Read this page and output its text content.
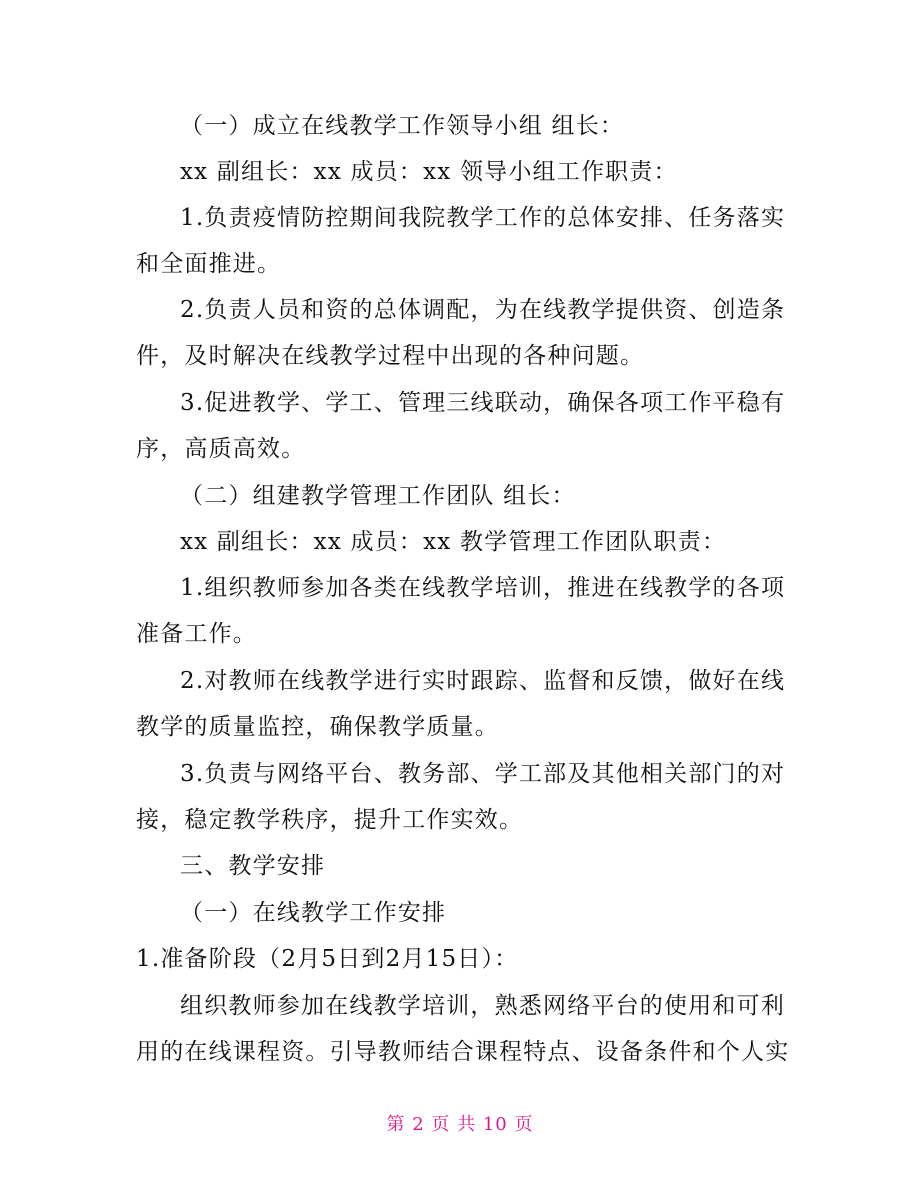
（一）成立在线教学工作领导小组 组长：
xx 副组长：xx 成员：xx 领导小组工作职责：
1.负责疫情防控期间我院教学工作的总体安排、任务落实
和全面推进。
2.负责人员和资的总体调配，为在线教学提供资、创造条
件，及时解决在线教学过程中出现的各种问题。
3.促进教学、学工、管理三线联动，确保各项工作平稳有
序，高质高效。
（二）组建教学管理工作团队 组长：
xx 副组长：xx 成员：xx 教学管理工作团队职责：
1.组织教师参加各类在线教学培训，推进在线教学的各项
准备工作。
2.对教师在线教学进行实时跟踪、监督和反馈，做好在线
教学的质量监控，确保教学质量。
3.负责与网络平台、教务部、学工部及其他相关部门的对
接，稳定教学秩序，提升工作实效。
三、教学安排
（一）在线教学工作安排
1.准备阶段（2月5日到2月15日）：
组织教师参加在线教学培训，熟悉网络平台的使用和可利
用的在线课程资。引导教师结合课程特点、设备条件和个人实
第 2 页 共 10 页
